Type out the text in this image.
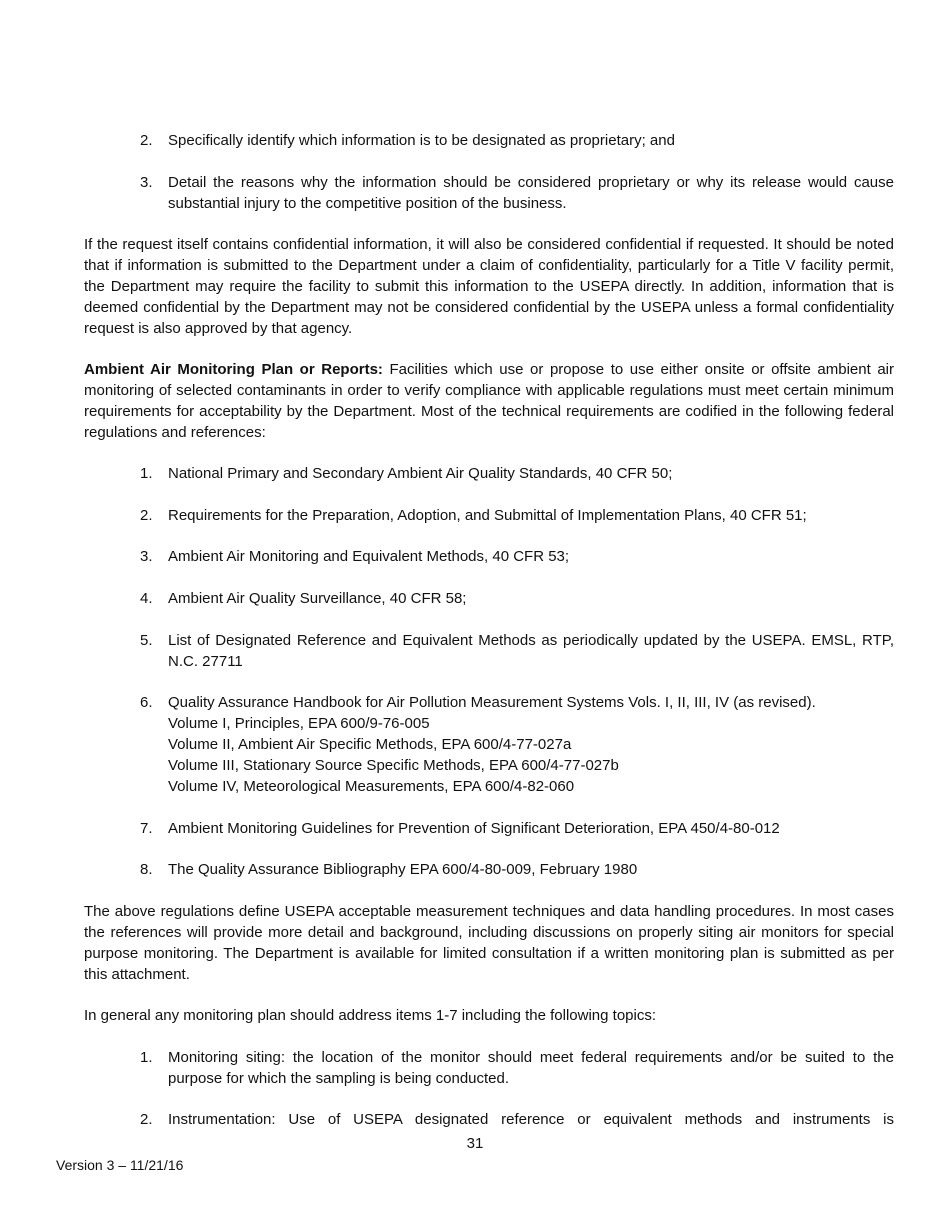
2.	Specifically identify which information is to be designated as proprietary; and
3.	Detail the reasons why the information should be considered proprietary or why its release would cause substantial injury to the competitive position of the business.

If the request itself contains confidential information, it will also be considered confidential if requested. It should be noted that if information is submitted to the Department under a claim of confidentiality, particularly for a Title V facility permit, the Department may require the facility to submit this information to the USEPA directly. In addition, information that is deemed confidential by the Department may not be considered confidential by the USEPA unless a formal confidentiality request is also approved by that agency.

Ambient Air Monitoring Plan or Reports: Facilities which use or propose to use either onsite or offsite ambient air monitoring of selected contaminants in order to verify compliance with applicable regulations must meet certain minimum requirements for acceptability by the Department. Most of the technical requirements are codified in the following federal regulations and references:

1.	National Primary and Secondary Ambient Air Quality Standards, 40 CFR 50;
2.	Requirements for the Preparation, Adoption, and Submittal of Implementation Plans, 40 CFR 51;
3.	Ambient Air Monitoring and Equivalent Methods, 40 CFR 53;
4.	Ambient Air Quality Surveillance, 40 CFR 58;
5.	List of Designated Reference and Equivalent Methods as periodically updated by the USEPA. EMSL, RTP, N.C. 27711
6.	Quality Assurance Handbook for Air Pollution Measurement Systems Vols. I, II, III, IV (as revised).
Volume I, Principles, EPA 600/9-76-005
Volume II, Ambient Air Specific Methods, EPA 600/4-77-027a
Volume III, Stationary Source Specific Methods, EPA 600/4-77-027b
Volume IV, Meteorological Measurements, EPA 600/4-82-060
7.	Ambient Monitoring Guidelines for Prevention of Significant Deterioration, EPA 450/4-80-012
8.	The Quality Assurance Bibliography EPA 600/4-80-009, February 1980

The above regulations define USEPA acceptable measurement techniques and data handling procedures. In most cases the references will provide more detail and background, including discussions on properly siting air monitors for special purpose monitoring. The Department is available for limited consultation if a written monitoring plan is submitted as per this attachment.

In general any monitoring plan should address items 1-7 including the following topics:

1.	Monitoring siting: the location of the monitor should meet federal requirements and/or be suited to the purpose for which the sampling is being conducted.
2.	Instrumentation: Use of USEPA designated reference or equivalent methods and instruments is
31
Version 3 – 11/21/16
